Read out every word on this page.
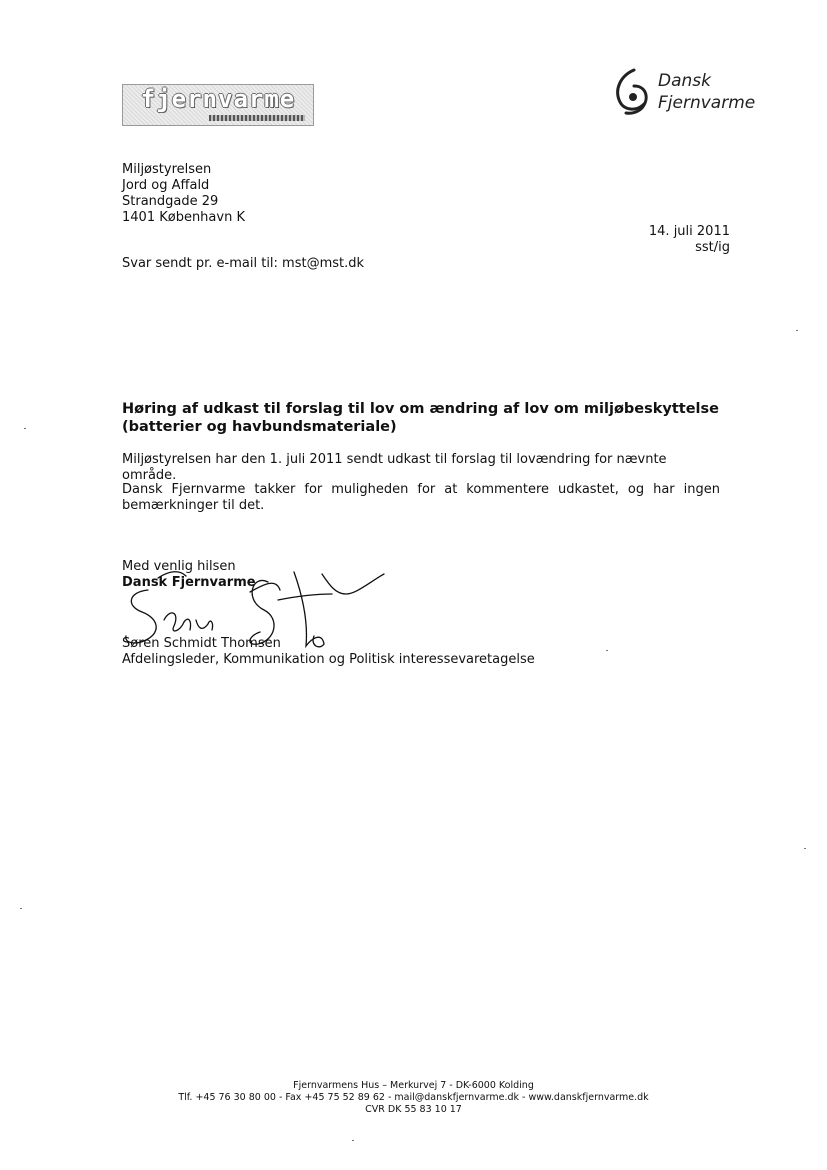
fjernvarme
Dansk
Fjernvarme
Miljøstyrelsen
Jord og Affald
Strandgade 29
1401 København K
14. juli 2011
sst/ig
Svar sendt pr. e-mail til: mst@mst.dk
Høring af udkast til forslag til lov om ændring af lov om miljøbeskyttelse (batterier og havbundsmateriale)
Miljøstyrelsen har den 1. juli 2011 sendt udkast til forslag til lovændring for nævnte område.
Dansk Fjernvarme takker for muligheden for at kommentere udkastet, og har ingen bemærkninger til det.
Med venlig hilsen
Dansk Fjernvarme
Søren Schmidt Thomsen
Afdelingsleder, Kommunikation og Politisk interessevaretagelse
Fjernvarmens Hus – Merkurvej 7 - DK-6000 Kolding
Tlf. +45 76 30 80 00 - Fax +45 75 52 89 62 - mail@danskfjernvarme.dk - www.danskfjernvarme.dk
CVR DK 55 83 10 17
